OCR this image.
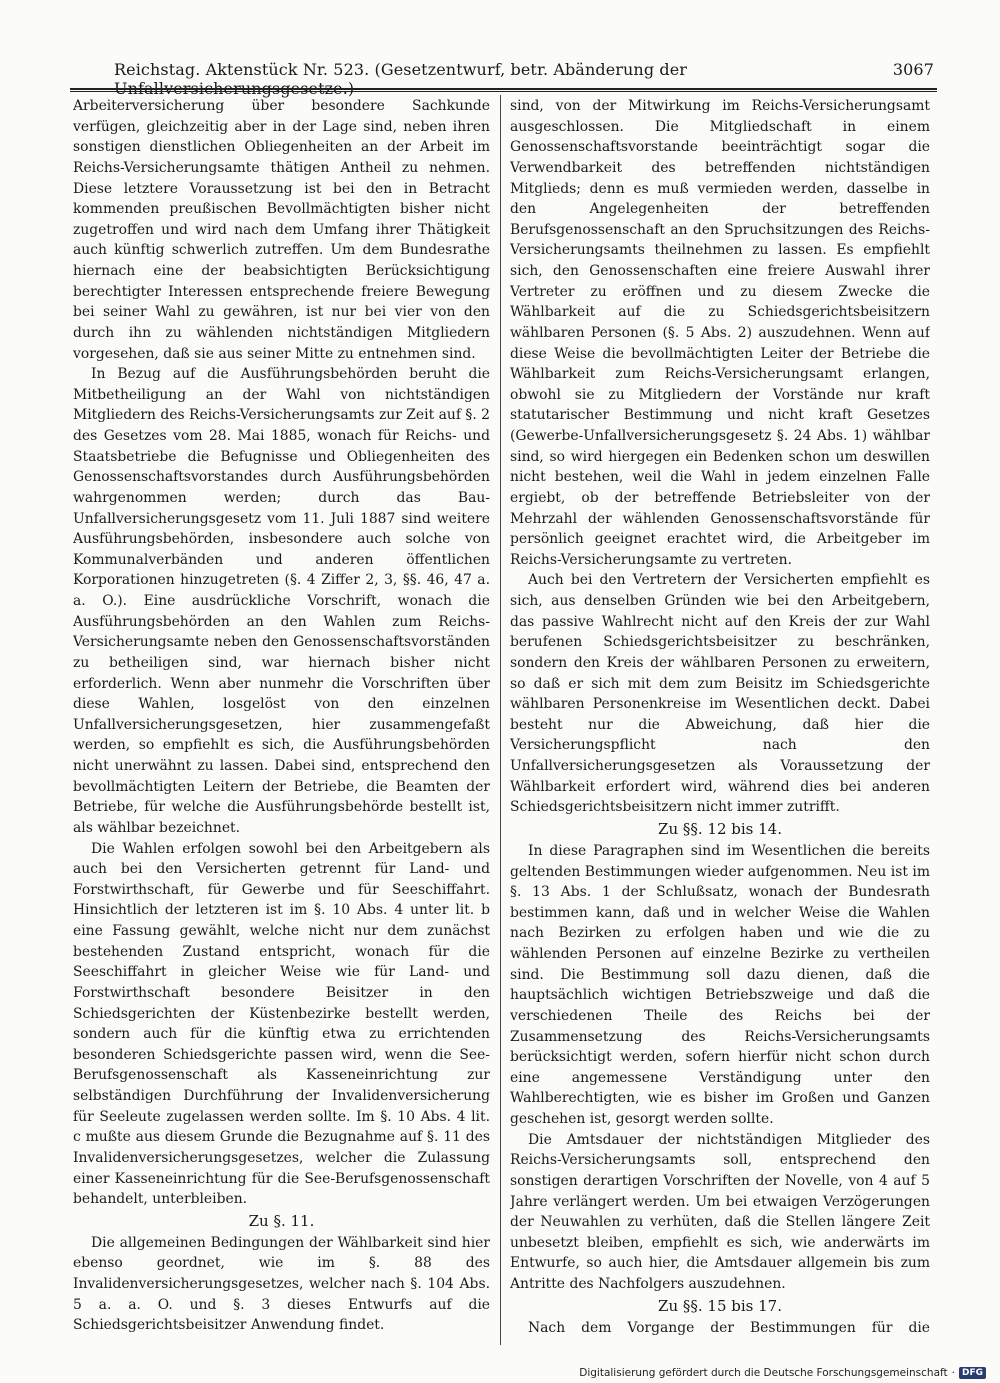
Reichstag. Aktenstück Nr. 523. (Gesetzentwurf, betr. Abänderung der	3067

Arbeiterversicherung über besondere Sachkunde verfügen, gleichzeitig aber in der Lage sind, neben ihren sonstigen dienstlichen Obliegenheiten an der Arbeit im Reichs-Versicherungsamte thätigen Antheil zu nehmen. Diese letztere Voraussetzung ist bei den in Betracht kommenden preußischen Bevollmächtigten bisher nicht zugetroffen und wird nach dem Umfang ihrer Thätigkeit auch künftig schwerlich zutreffen. Um dem Bundesrathe hiernach eine der beabsichtigten Berücksichtigung berechtigter Interessen entsprechende freiere Bewegung bei seiner Wahl zu gewähren, ist nur bei vier von den durch ihn zu wählenden nichtständigen Mitgliedern vorgesehen, daß sie aus seiner Mitte zu entnehmen sind.

In Bezug auf die Ausführungsbehörden beruht die Mitbetheiligung an der Wahl von nichtständigen Mitgliedern des Reichs-Versicherungsamts zur Zeit auf §. 2 des Gesetzes vom 28. Mai 1885, wonach für Reichs- und Staatsbetriebe die Befugnisse und Obliegenheiten des Genossenschaftsvorstandes durch Ausführungsbehörden wahrgenommen werden; durch das Bau-Unfallversicherungsgesetz vom 11. Juli 1887 sind weitere Ausführungsbehörden, insbesondere auch solche von Kommunalverbänden und anderen öffentlichen Korporationen hinzugetreten (§. 4 Ziffer 2, 3, §§. 46, 47 a. a. O.). Eine ausdrückliche Vorschrift, wonach die Ausführungsbehörden an den Wahlen zum Reichs-Versicherungsamte neben den Genossenschaftsvorständen zu betheiligen sind, war hiernach bisher nicht erforderlich. Wenn aber nunmehr die Vorschriften über diese Wahlen, losgelöst von den einzelnen Unfallversicherungsgesetzen, hier zusammengefaßt werden, so empfiehlt es sich, die Ausführungsbehörden nicht unerwähnt zu lassen. Dabei sind, entsprechend den bevollmächtigten Leitern der Betriebe, die Beamten der Betriebe, für welche die Ausführungsbehörde bestellt ist, als wählbar bezeichnet.

Die Wahlen erfolgen sowohl bei den Arbeitgebern als auch bei den Versicherten getrennt für Land- und Forstwirthschaft, für Gewerbe und für Seeschiffahrt. Hinsichtlich der letzteren ist im §. 10 Abs. 4 unter lit. b eine Fassung gewählt, welche nicht nur dem zunächst bestehenden Zustand entspricht, wonach für die Seeschiffahrt in gleicher Weise wie für Land- und Forstwirthschaft besondere Beisitzer in den Schiedsgerichten der Küstenbezirke bestellt werden, sondern auch für die künftig etwa zu errichtenden besonderen Schiedsgerichte passen wird, wenn die See-Berufsgenossenschaft als Kasseneinrichtung zur selbständigen Durchführung der Invalidenversicherung für Seeleute zugelassen werden sollte. Im §. 10 Abs. 4 lit. c mußte aus diesem Grunde die Bezugnahme auf §. 11 des Invalidenversicherungsgesetzes, welcher die Zulassung einer Kasseneinrichtung für die See-Berufsgenossenschaft behandelt, unterbleiben.

Zu §. 11.

Die allgemeinen Bedingungen der Wählbarkeit sind hier ebenso geordnet, wie im §. 88 des Invalidenversicherungsgesetzes, welcher nach §. 104 Abs. 5 a. a. O. und §. 3 dieses Entwurfs auf die Schiedsgerichtsbeisitzer Anwendung findet.

sind, von der Mitwirkung im Reichs-Versicherungsamt ausgeschlossen. Die Mitgliedschaft in einem Genossenschaftsvorstande beeinträchtigt sogar die Verwendbarkeit des betreffenden nichtständigen Mitglieds; denn es muß vermieden werden, dasselbe in den Angelegenheiten der betreffenden Berufsgenossenschaft an den Spruchsitzungen des Reichs-Versicherungsamts theilnehmen zu lassen. Es empfiehlt sich, den Genossenschaften eine freiere Auswahl ihrer Vertreter zu eröffnen und zu diesem Zwecke die Wählbarkeit auf die zu Schiedsgerichtsbeisitzern wählbaren Personen (§. 5 Abs. 2) auszudehnen. Wenn auf diese Weise die bevollmächtigten Leiter der Betriebe die Wählbarkeit zum Reichs-Versicherungsamt erlangen, obwohl sie zu Mitgliedern der Vorstände nur kraft statutarischer Bestimmung und nicht kraft Gesetzes (Gewerbe-Unfallversicherungsgesetz §. 24 Abs. 1) wählbar sind, so wird hiergegen ein Bedenken schon um deswillen nicht bestehen, weil die Wahl in jedem einzelnen Falle ergiebt, ob der betreffende Betriebsleiter von der Mehrzahl der wählenden Genossenschaftsvorstände für persönlich geeignet erachtet wird, die Arbeitgeber im Reichs-Versicherungsamte zu vertreten.

Auch bei den Vertretern der Versicherten empfiehlt es sich, aus denselben Gründen wie bei den Arbeitgebern, das passive Wahlrecht nicht auf den Kreis der zur Wahl berufenen Schiedsgerichtsbeisitzer zu beschränken, sondern den Kreis der wählbaren Personen zu erweitern, so daß er sich mit dem zum Beisitz im Schiedsgerichte wählbaren Personenkreise im Wesentlichen deckt. Dabei besteht nur die Abweichung, daß hier die Versicherungspflicht nach den Unfallversicherungsgesetzen als Voraussetzung der Wählbarkeit erfordert wird, während dies bei anderen Schiedsgerichtsbeisitzern nicht immer zutrifft.

Zu §§. 12 bis 14.

In diese Paragraphen sind im Wesentlichen die bereits geltenden Bestimmungen wieder aufgenommen. Neu ist im §. 13 Abs. 1 der Schlußsatz, wonach der Bundesrath bestimmen kann, daß und in welcher Weise die Wahlen nach Bezirken zu erfolgen haben und wie die zu wählenden Personen auf einzelne Bezirke zu vertheilen sind. Die Bestimmung soll dazu dienen, daß die hauptsächlich wichtigen Betriebszweige und daß die verschiedenen Theile des Reichs bei der Zusammensetzung des Reichs-Versicherungsamts berücksichtigt werden, sofern hierfür nicht schon durch eine angemessene Verständigung unter den Wahlberechtigten, wie es bisher im Großen und Ganzen geschehen ist, gesorgt werden sollte.

Die Amtsdauer der nichtständigen Mitglieder des Reichs-Versicherungsamts soll, entsprechend den sonstigen derartigen Vorschriften der Novelle, von 4 auf 5 Jahre verlängert werden. Um bei etwaigen Verzögerungen der Neuwahlen zu verhüten, daß die Stellen längere Zeit unbesetzt bleiben, empfiehlt es sich, wie anderwärts im Entwurfe, so auch hier, die Amtsdauer allgemein bis zum Antritte des Nachfolgers auszudehnen.

Zu §§. 15 bis 17.

Nach dem Vorgange der Bestimmungen für die

Digitalisierung gefördert durch die Deutsche Forschungsgemeinschaft · DFG
